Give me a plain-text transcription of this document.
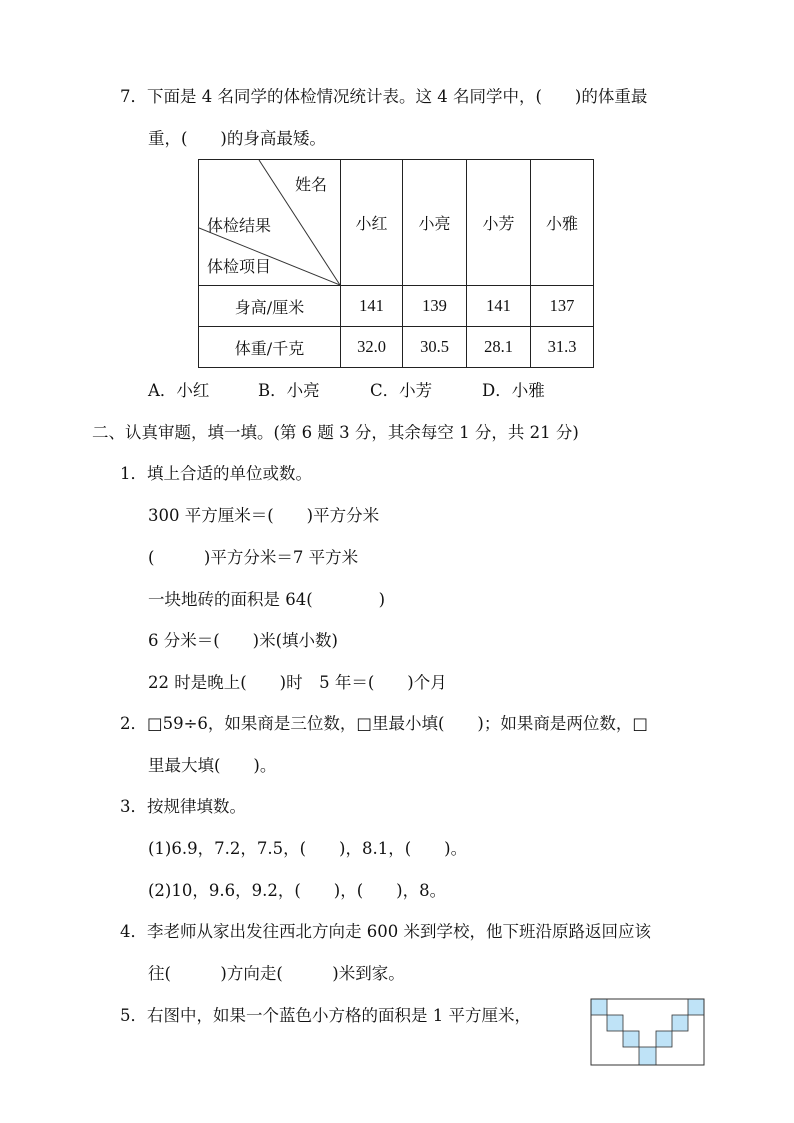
7．下面是 4 名同学的体检情况统计表。这 4 名同学中，(　　)的体重最
重，(　　)的身高最矮。
姓名
体检结果
体检项目	小红	小亮	小芳	小雅
身高/厘米	141	139	141	137
体重/千克	32.0	30.5	28.1	31.3
A．小红	B．小亮	C．小芳	D．小雅
二、认真审题，填一填。(第 6 题 3 分，其余每空 1 分，共 21 分)
1．填上合适的单位或数。
300 平方厘米＝(　　)平方分米
(　　　)平方分米＝7 平方米
一块地砖的面积是 64(　　　　)
6 分米＝(　　)米(填小数)
22 时是晚上(　　)时　5 年＝(　　)个月
2．□59÷6，如果商是三位数，□里最小填(　　)；如果商是两位数，□
里最大填(　　)。
3．按规律填数。
(1)6.9，7.2，7.5，(　　)，8.1，(　　)。
(2)10，9.6，9.2，(　　)，(　　)，8。
4．李老师从家出发往西北方向走 600 米到学校，他下班沿原路返回应该
往(　　　)方向走(　　　)米到家。
5．右图中，如果一个蓝色小方格的面积是 1 平方厘米，
